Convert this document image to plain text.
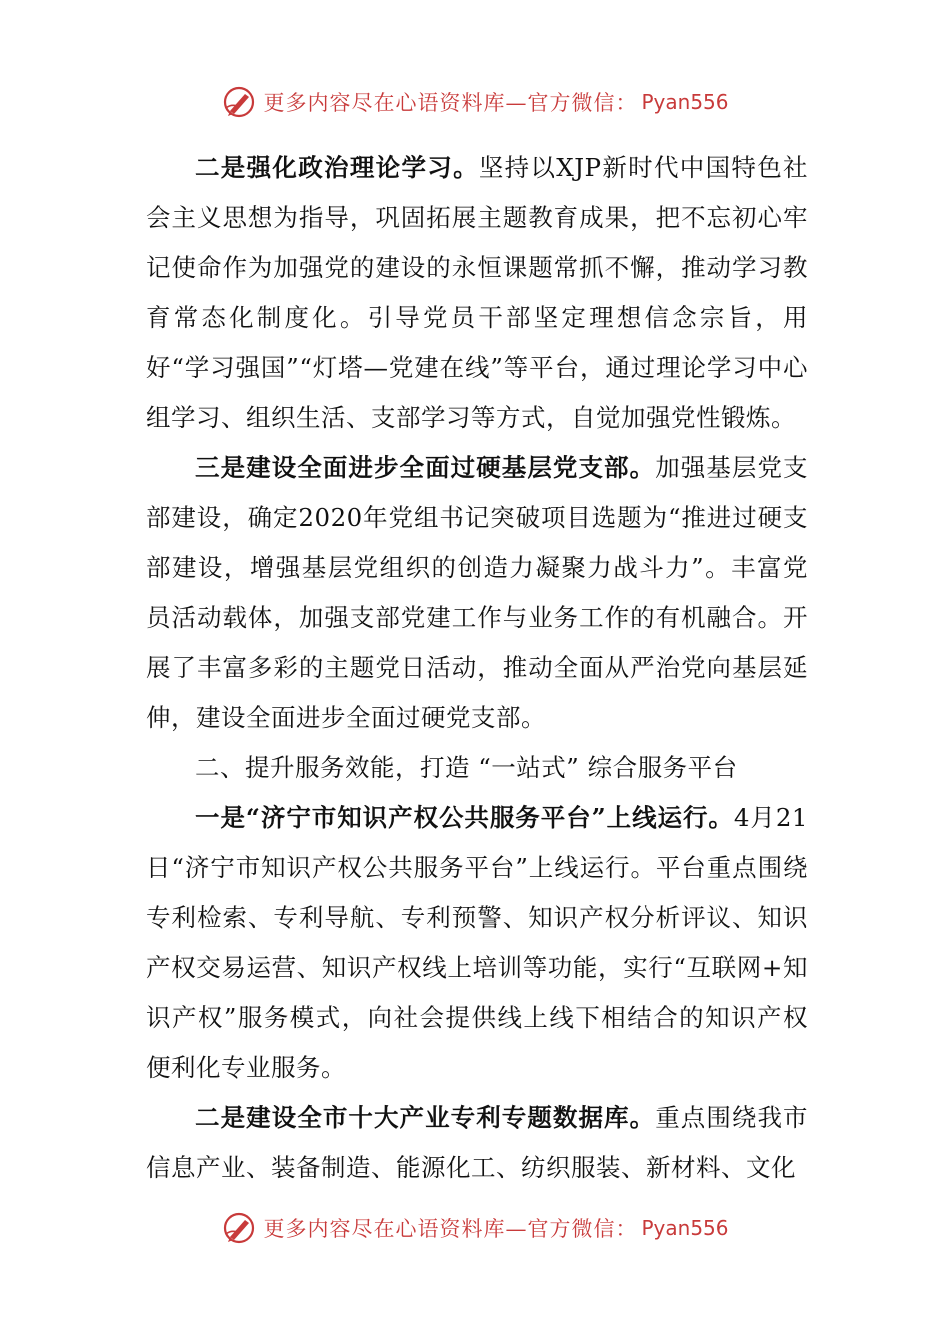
更多内容尽在心语资料库—官方微信： Pyan556

二是强化政治理论学习。坚持以XJP新时代中国特色社会主义思想为指导，巩固拓展主题教育成果，把不忘初心牢记使命作为加强党的建设的永恒课题常抓不懈，推动学习教育常态化制度化。引导党员干部坚定理想信念宗旨，用好“学习强国”“灯塔—党建在线”等平台，通过理论学习中心组学习、组织生活、支部学习等方式，自觉加强党性锻炼。

三是建设全面进步全面过硬基层党支部。加强基层党支部建设，确定2020年党组书记突破项目选题为“推进过硬支部建设，增强基层党组织的创造力凝聚力战斗力”。丰富党员活动载体，加强支部党建工作与业务工作的有机融合。开展了丰富多彩的主题党日活动，推动全面从严治党向基层延伸，建设全面进步全面过硬党支部。

二、提升服务效能，打造 “一站式” 综合服务平台

一是“济宁市知识产权公共服务平台”上线运行。4月21日“济宁市知识产权公共服务平台”上线运行。平台重点围绕专利检索、专利导航、专利预警、知识产权分析评议、知识产权交易运营、知识产权线上培训等功能，实行“互联网+知识产权”服务模式，向社会提供线上线下相结合的知识产权便利化专业服务。

二是建设全市十大产业专利专题数据库。重点围绕我市信息产业、装备制造、能源化工、纺织服装、新材料、文化

更多内容尽在心语资料库—官方微信： Pyan556
